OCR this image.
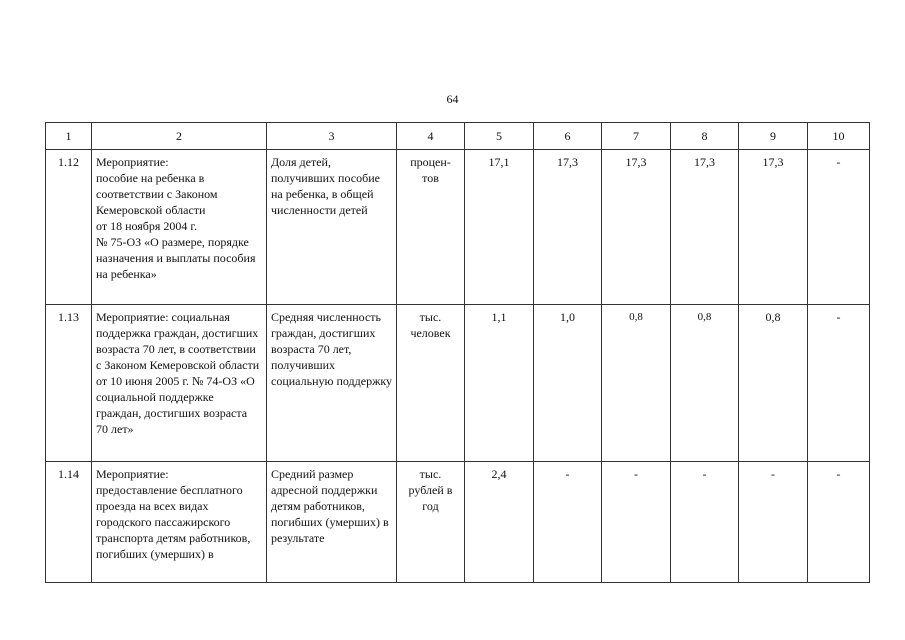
64
1	2	3	4	5	6	7	8	9	10
1.12	Мероприятие:
пособие на ребенка в соответствии с Законом Кемеровской области
от 18 ноября 2004 г.
№ 75-ОЗ «О размере, порядке назначения и выплаты пособия на ребенка»	Доля детей, получивших пособие на ребенка, в общей численности детей	процен-
тов	17,1	17,3	17,3	17,3	17,3	-
1.13	Мероприятие: социальная поддержка граждан, достигших возраста 70 лет, в соответствии с Законом Кемеровской области
от 10 июня 2005 г. № 74-ОЗ «О социальной поддержке граждан, достигших возраста 70 лет»	Средняя численность граждан, достигших возраста 70 лет, получивших социальную поддержку	тыс. человек	1,1	1,0	0,8	0,8	0,8	-
1.14	Мероприятие:
предоставление бесплатного проезда на всех видах городского пассажирского транспорта детям работников, погибших (умерших) в	Средний размер адресной поддержки детям работников, погибших (умерших) в результате	тыс. рублей в год	2,4	-	-	-	-	-
